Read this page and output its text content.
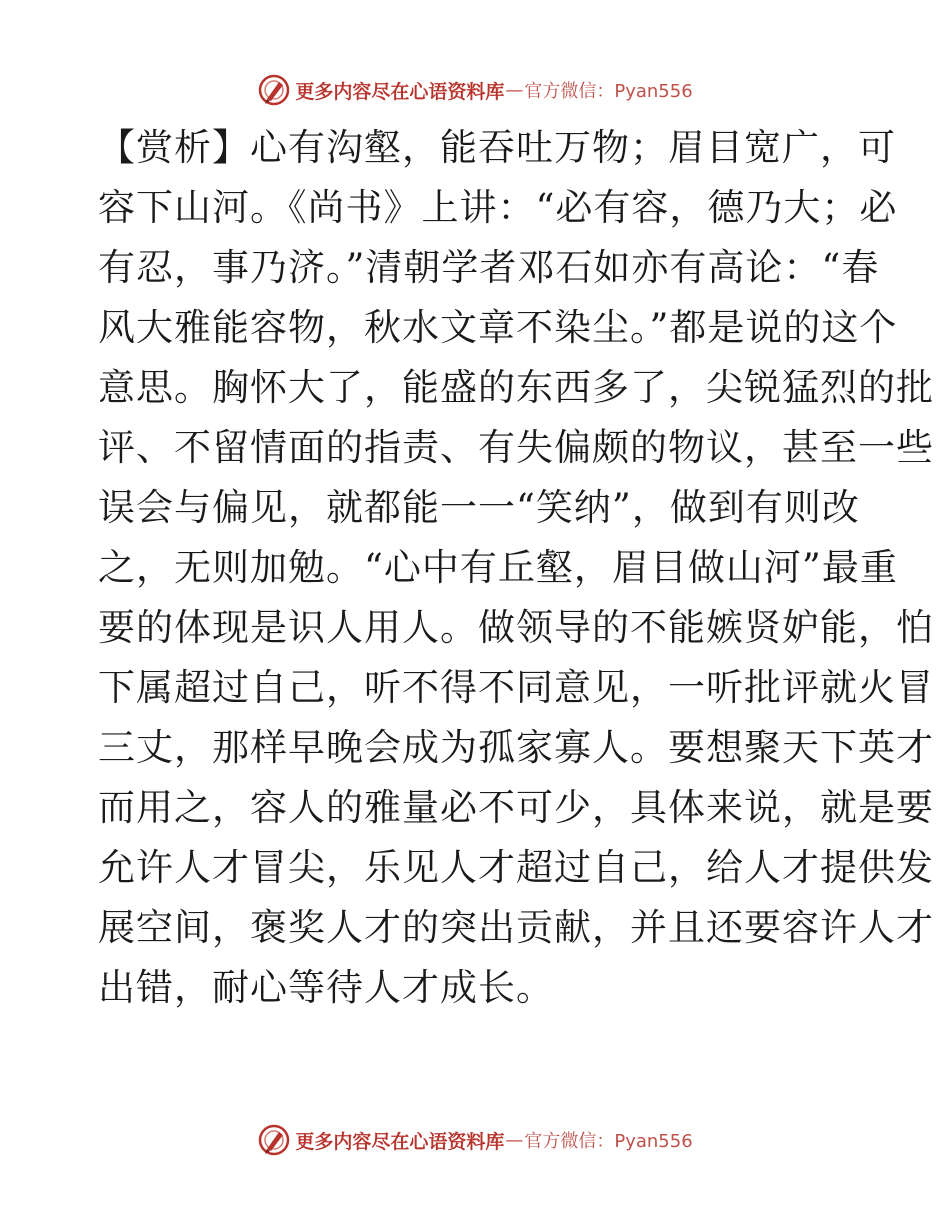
更多内容尽在心语资料库 — 官方微信：Pyan556
【赏析】心有沟壑，能吞吐万物；眉目宽广，可
容下山河。《尚书》上讲：“必有容，德乃大；必
有忍，事乃济。”清朝学者邓石如亦有高论：“春
风大雅能容物，秋水文章不染尘。”都是说的这个
意思。胸怀大了，能盛的东西多了，尖锐猛烈的批
评、不留情面的指责、有失偏颇的物议，甚至一些
误会与偏见，就都能一一“笑纳”，做到有则改
之，无则加勉。“心中有丘壑，眉目做山河”最重
要的体现是识人用人。做领导的不能嫉贤妒能，怕
下属超过自己，听不得不同意见，一听批评就火冒
三丈，那样早晚会成为孤家寡人。要想聚天下英才
而用之，容人的雅量必不可少，具体来说，就是要
允许人才冒尖，乐见人才超过自己，给人才提供发
展空间，褒奖人才的突出贡献，并且还要容许人才
出错，耐心等待人才成长。
更多内容尽在心语资料库 — 官方微信：Pyan556
